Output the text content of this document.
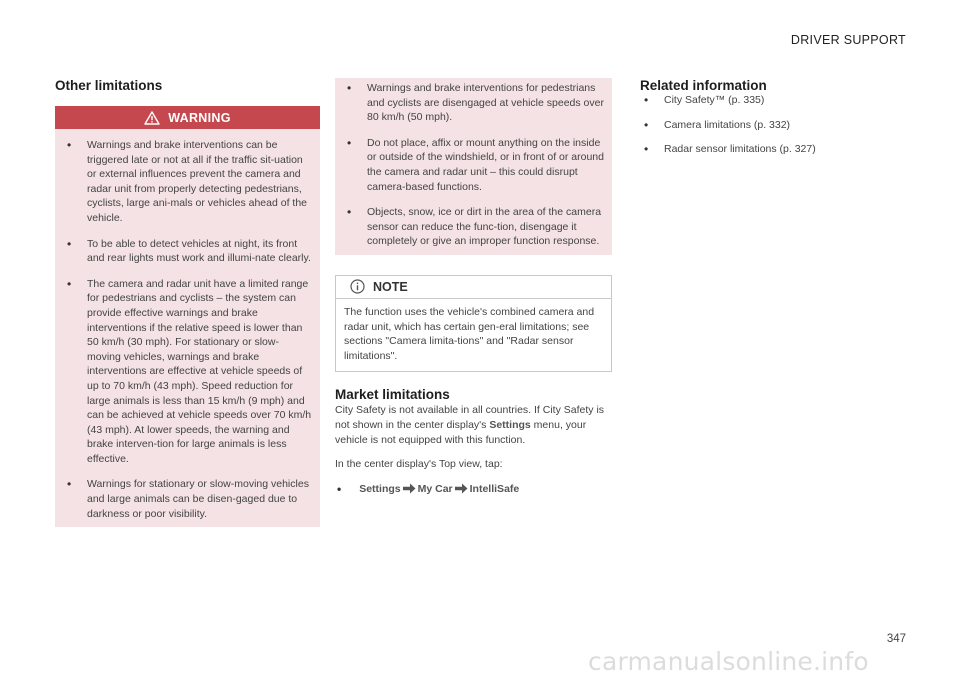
DRIVER SUPPORT
Other limitations
WARNING
• Warnings and brake interventions can be triggered late or not at all if the traffic sit-uation or external influences prevent the camera and radar unit from properly detecting pedestrians, cyclists, large ani-mals or vehicles ahead of the vehicle.
• To be able to detect vehicles at night, its front and rear lights must work and illumi-nate clearly.
• The camera and radar unit have a limited range for pedestrians and cyclists – the system can provide effective warnings and brake interventions if the relative speed is lower than 50 km/h (30 mph). For stationary or slow-moving vehicles, warnings and brake interventions are effective at vehicle speeds of up to 70 km/h (43 mph). Speed reduction for large animals is less than 15 km/h (9 mph) and can be achieved at vehicle speeds over 70 km/h (43 mph). At lower speeds, the warning and brake interven-tion for large animals is less effective.
• Warnings for stationary or slow-moving vehicles and large animals can be disen-gaged due to darkness or poor visibility.
• Warnings and brake interventions for pedestrians and cyclists are disengaged at vehicle speeds over 80 km/h (50 mph).
• Do not place, affix or mount anything on the inside or outside of the windshield, or in front of or around the camera and radar unit – this could disrupt camera-based functions.
• Objects, snow, ice or dirt in the area of the camera sensor can reduce the func-tion, disengage it completely or give an improper function response.
NOTE
The function uses the vehicle's combined camera and radar unit, which has certain gen-eral limitations; see sections "Camera limita-tions" and "Radar sensor limitations".
Market limitations

City Safety is not available in all countries. If City Safety is not shown in the center display's Settings menu, your vehicle is not equipped with this function.

In the center display's Top view, tap:

• Settings My Car IntelliSafe
Related information
• City Safety™ (p. 335)
• Camera limitations (p. 332)
• Radar sensor limitations (p. 327)
347
carmanualsonline.info
